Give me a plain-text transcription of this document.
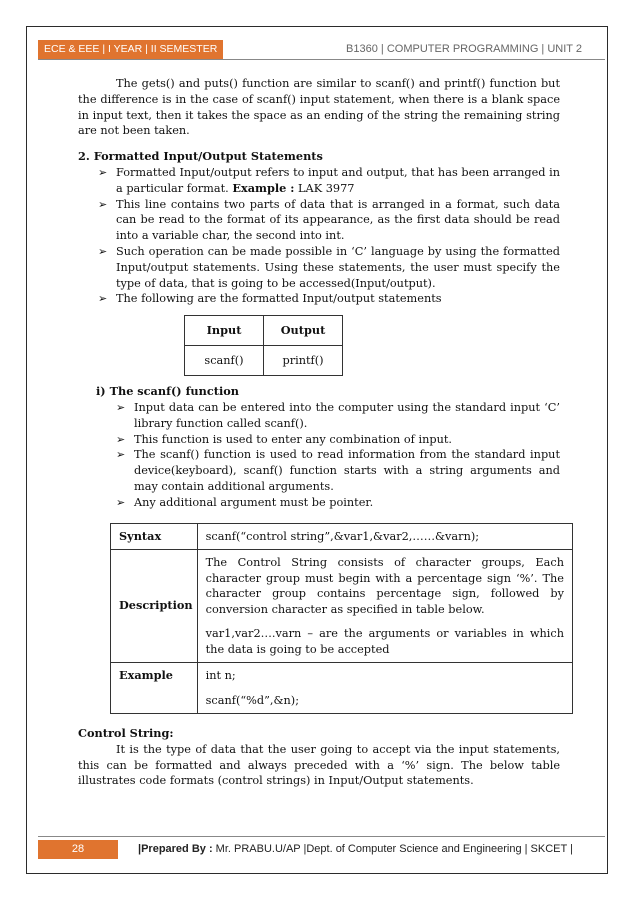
ECE & EEE | I YEAR | II SEMESTER	B1360 | COMPUTER PROGRAMMING | UNIT 2

The gets() and puts() function are similar to scanf() and printf() function but the difference is in the case of scanf() input statement, when there is a blank space in input text, then it takes the space as an ending of the string the remaining string are not been taken.

2. Formatted Input/Output Statements

➢ Formatted Input/output refers to input and output, that has been arranged in a particular format. Example : LAK 3977
➢ This line contains two parts of data that is arranged in a format, such data can be read to the format of its appearance, as the first data should be read into a variable char, the second into int.
➢ Such operation can be made possible in ‘C’ language by using the formatted Input/output statements. Using these statements, the user must specify the type of data, that is going to be accessed(Input/output).
➢ The following are the formatted Input/output statements
Input	Output
scanf()	printf()

i) The scanf() function

➢ Input data can be entered into the computer using the standard input ‘C’ library function called scanf().
➢ This function is used to enter any combination of input.
➢ The scanf() function is used to read information from the standard input device(keyboard), scanf() function starts with a string arguments and may contain additional arguments.
➢ Any additional argument must be pointer.
Syntax	scanf(“control string”,&var1,&var2,……&varn);
Description	The Control String consists of character groups, Each character group must begin with a percentage sign ‘%’. The character group contains percentage sign, followed by conversion character as specified in table below.
var1,var2….varn – are the arguments or variables in which the data is going to be accepted

Example	int n;
scanf(“%d”,&n);

Control String:

It is the type of data that the user going to accept via the input statements, this can be formatted and always preceded with a ‘%’ sign. The below table illustrates code formats (control strings) in Input/Output statements.

28	|Prepared By : Mr. PRABU.U/AP |Dept. of Computer Science and Engineering | SKCET |
